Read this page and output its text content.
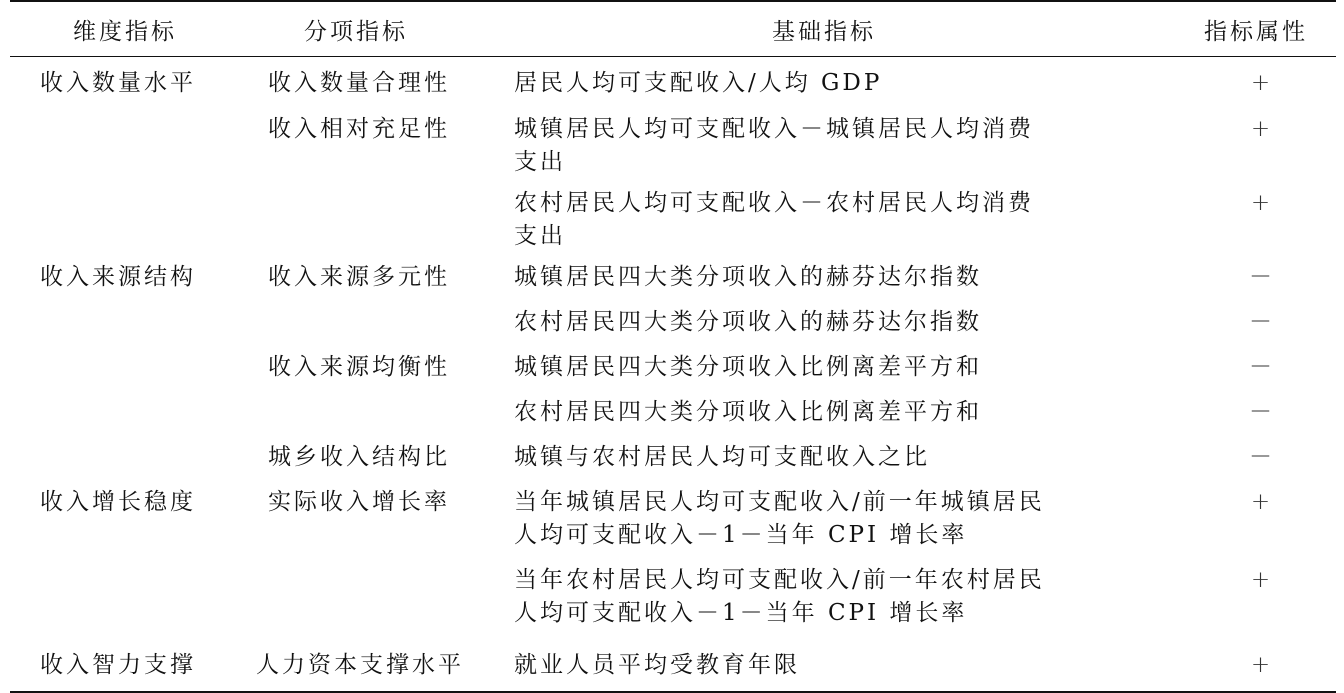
维度指标	分项指标	基础指标	指标属性
收入数量水平	收入数量合理性	居民人均可支配收入/人均 GDP	+
	收入相对充足性	城镇居民人均可支配收入－城镇居民人均消费支出	+
		农村居民人均可支配收入－农村居民人均消费支出	+
收入来源结构	收入来源多元性	城镇居民四大类分项收入的赫芬达尔指数	－
		农村居民四大类分项收入的赫芬达尔指数	－
	收入来源均衡性	城镇居民四大类分项收入比例离差平方和	－
		农村居民四大类分项收入比例离差平方和	－
	城乡收入结构比	城镇与农村居民人均可支配收入之比	－
收入增长稳度	实际收入增长率	当年城镇居民人均可支配收入/前一年城镇居民人均可支配收入－1－当年 CPI 增长率	+
		当年农村居民人均可支配收入/前一年农村居民人均可支配收入－1－当年 CPI 增长率	+
收入智力支撑	人力资本支撑水平	就业人员平均受教育年限	+
